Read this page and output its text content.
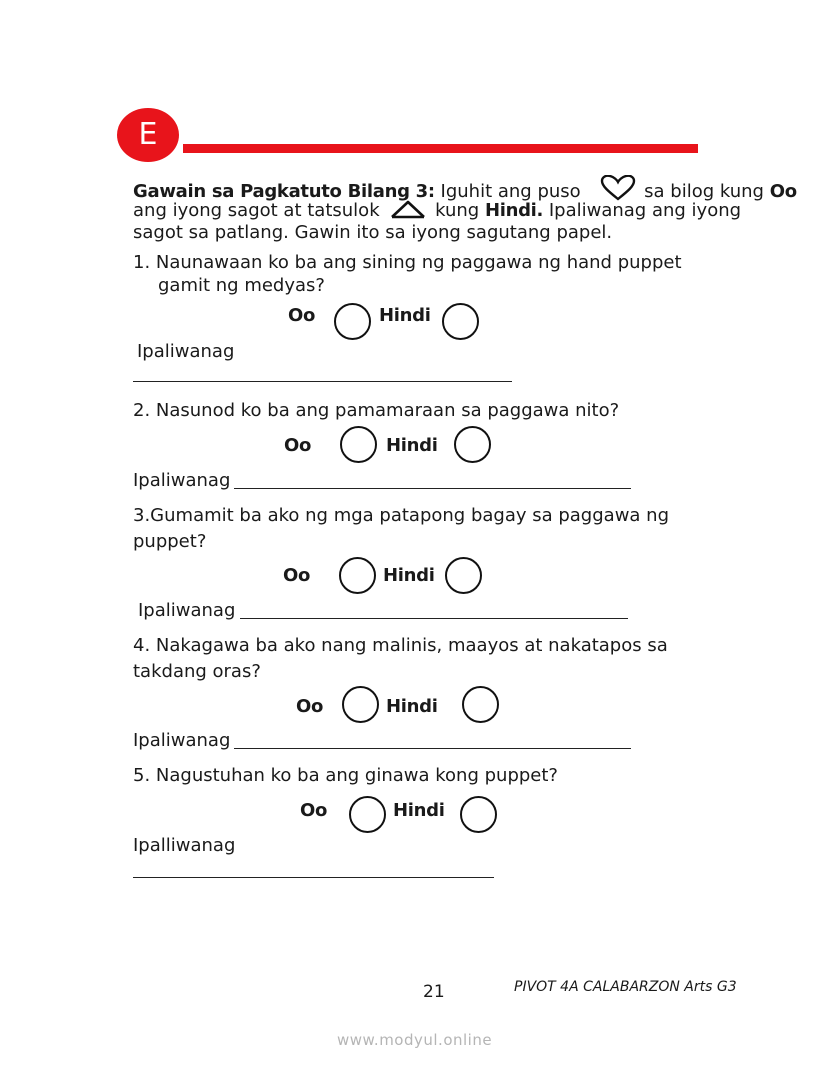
E
Gawain sa Pagkatuto Bilang 3: Iguhit ang puso	sa bilog kung Oo
ang iyong sagot at tatsulok	kung Hindi. Ipaliwanag ang iyong
sagot sa patlang. Gawin ito sa iyong sagutang papel.
1. Naunawaan ko ba ang sining ng paggawa ng hand puppet
gamit ng medyas?
Oo	Hindi
Ipaliwanag
2. Nasunod ko ba ang pamamaraan sa paggawa nito?
Oo	Hindi
Ipaliwanag
3.Gumamit ba ako ng mga patapong bagay sa paggawa ng
puppet?
Oo	Hindi
Ipaliwanag
4. Nakagawa ba ako nang malinis, maayos at nakatapos sa
takdang oras?
Oo	Hindi
Ipaliwanag
5. Nagustuhan ko ba ang ginawa kong puppet?
Oo	Hindi
Ipalliwanag
21	PIVOT 4A CALABARZON Arts G3
www.modyul.online
